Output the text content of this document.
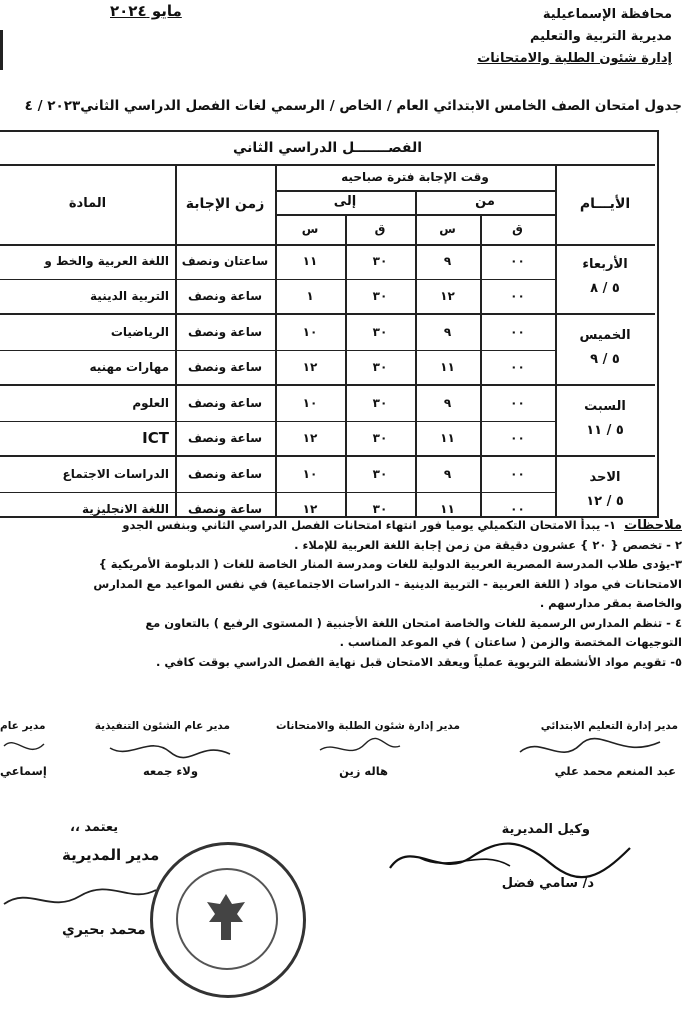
مايو ٢٠٢٤	محافظة الإسماعيلية
مديرية التربية والتعليم
إدارة شئون الطلبة والامتحانات
جدول امتحان الصف الخامس الابتدائي العام / الخاص / الرسمي لغات الفصل الدراسي الثاني٢٠٢٣ / ٤
الفصـــــــل الدراسي الثاني
الأيـــام
وقت الإجابة فترة صباحيه
من
إلى
ق
س
ق
س
زمن الإجابة
المادة
الأربعاء
٥ / ٨
٠٠
٩
٣٠
١١
ساعتان ونصف
اللغة العربية والخط و
٠٠
١٢
٣٠
١
ساعة ونصف
التربية الدينية
الخميس
٥ / ٩
٠٠
٩
٣٠
١٠
ساعة ونصف
الرياضيات
٠٠
١١
٣٠
١٢
ساعة ونصف
مهارات مهنيه
السبت
٥ / ١١
٠٠
٩
٣٠
١٠
ساعة ونصف
العلوم
٠٠
١١
٣٠
١٢
ساعة ونصف
ICT
الاحد
٥ / ١٢
٠٠
٩
٣٠
١٠
ساعة ونصف
الدراسات الاجتماع
٠٠
١١
٣٠
١٢
ساعة ونصف
اللغة الانجليزية
ملاحظات  ١- يبدأ الامتحان التكميلي يوميا فور انتهاء امتحانات الفصل الدراسي الثاني وبنفس الجدو
٢ - تخصص { ٢٠ } عشرون دقيقة من زمن إجابة اللغة العربية للإملاء .
٣-يؤدى طلاب المدرسة المصرية العربية الدولية للغات ومدرسة المنار الخاصة للغات ( الدبلومة الأمريكية }
الامتحانات في مواد ( اللغة العربية - التربية الدينية - الدراسات الاجتماعية) في نفس المواعيد مع المدارس
والخاصة بمقر مدارسهم .
٤ - تنظم المدارس الرسمية للغات والخاصة امتحان اللغة الأجنبية ( المستوى الرفيع ) بالتعاون مع
التوجيهات المختصة والزمن ( ساعتان ) في الموعد المناسب .
٥- تقويم مواد الأنشطة التربوية عملياً ويعقد الامتحان قبل نهاية الفصل الدراسي بوقت كافي .
مدير إدارة التعليم الابتدائي
عبد المنعم محمد علي
مدير إدارة شئون الطلبة والامتحانات
هاله زين
مدير عام الشئون التنفيذية
ولاء جمعه
مدير عام
إسماعي
يعتمد ،،
مدير المديرية
محمد بحيري
وكيل المديرية
د/ سامي فضل
